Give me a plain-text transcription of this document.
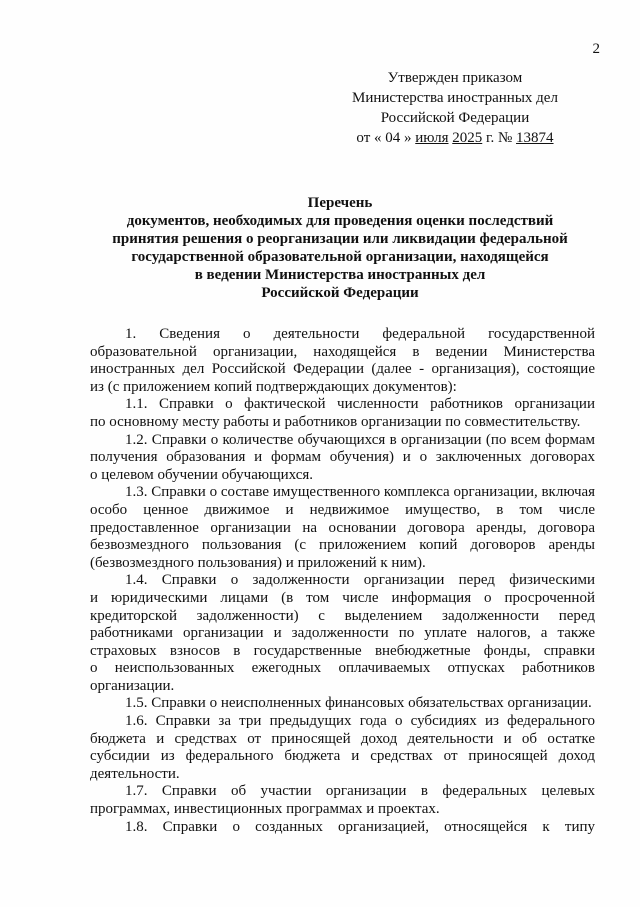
2
Утвержден приказом
Министерства иностранных дел
Российской Федерации
от « 04 » июля 2025 г. № 13874
Перечень
документов, необходимых для проведения оценки последствий
принятия решения о реорганизации или ликвидации федеральной
государственной образовательной организации, находящейся
в ведении Министерства иностранных дел
Российской Федерации
1. Сведения о деятельности федеральной государственной
образовательной организации, находящейся в ведении Министерства
иностранных дел Российской Федерации (далее - организация), состоящие
из (с приложением копий подтверждающих документов):
1.1. Справки о фактической численности работников организации
по основному месту работы и работников организации по совместительству.
1.2. Справки о количестве обучающихся в организации (по всем формам
получения образования и формам обучения) и о заключенных договорах
о целевом обучении обучающихся.
1.3. Справки о составе имущественного комплекса организации, включая
особо ценное движимое и недвижимое имущество, в том числе
предоставленное организации на основании договора аренды, договора
безвозмездного пользования (с приложением копий договоров аренды
(безвозмездного пользования) и приложений к ним).
1.4. Справки о задолженности организации перед физическими
и юридическими лицами (в том числе информация о просроченной
кредиторской задолженности) с выделением задолженности перед
работниками организации и задолженности по уплате налогов, а также
страховых взносов в государственные внебюджетные фонды, справки
о неиспользованных ежегодных оплачиваемых отпусках работников
организации.
1.5. Справки о неисполненных финансовых обязательствах организации.
1.6. Справки за три предыдущих года о субсидиях из федерального
бюджета и средствах от приносящей доход деятельности и об остатке
субсидии из федерального бюджета и средствах от приносящей доход
деятельности.
1.7. Справки об участии организации в федеральных целевых
программах, инвестиционных программах и проектах.
1.8. Справки о созданных организацией, относящейся к типу
